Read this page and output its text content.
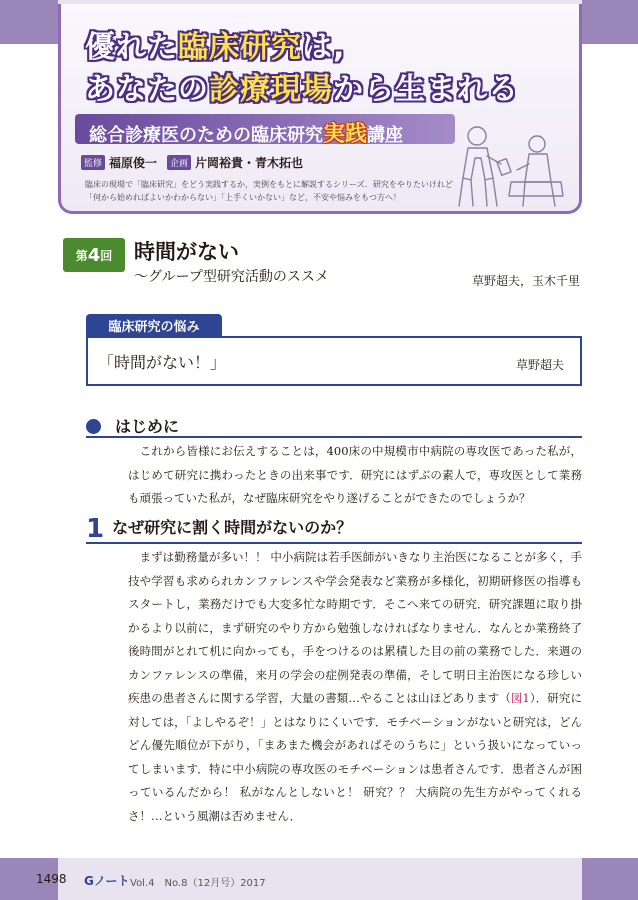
優れた臨床研究は,
あなたの診療現場から生まれる
総合診療医のための臨床研究実践講座
監修 福原俊一	企画 片岡裕貴・青木拓也
臨床の現場で「臨床研究」をどう実践するか，実例をもとに解説するシリーズ．研究をやりたいけれど「何から始めればよいかわからない」「上手くいかない」など，不安や悩みをもつ方へ！
第 4 回 時間がない
〜グループ型研究活動のススメ	草野超夫，玉木千里
臨床研究の悩み
「時間がない！」	草野超夫
はじめに
　これから皆様にお伝えすることは，400床の中規模市中病院の専攻医であった私が，はじめて研究に携わったときの出来事です．研究にはずぶの素人で，専攻医として業務も頑張っていた私が，なぜ臨床研究をやり遂げることができたのでしょうか？
1 なぜ研究に割く時間がないのか？
　まずは勤務量が多い！！ 中小病院は若手医師がいきなり主治医になることが多く，手技や学習も求められカンファレンスや学会発表など業務が多様化，初期研修医の指導もスタートし，業務だけでも大変多忙な時期です．そこへ来ての研究．研究課題に取り掛かるより以前に，まず研究のやり方から勉強しなければなりません．なんとか業務終了後時間がとれて机に向かっても，手をつけるのは累積した目の前の業務でした．来週のカンファレンスの準備，来月の学会の症例発表の準備，そして明日主治医になる珍しい疾患の患者さんに関する学習，大量の書類…やることは山ほどあります（図1）．研究に対しては，「よしやるぞ！」とはなりにくいです．モチベーションがないと研究は，どんどん優先順位が下がり，「まあまた機会があればそのうちに」という扱いになっていってしまいます．特に中小病院の専攻医のモチベーションは患者さんです．患者さんが困っているんだから！ 私がなんとしないと！ 研究？？ 大病院の先生方がやってくれるさ！…という風潮は否めません．
1498 Gノート Vol.4　No.8（12月号）2017
